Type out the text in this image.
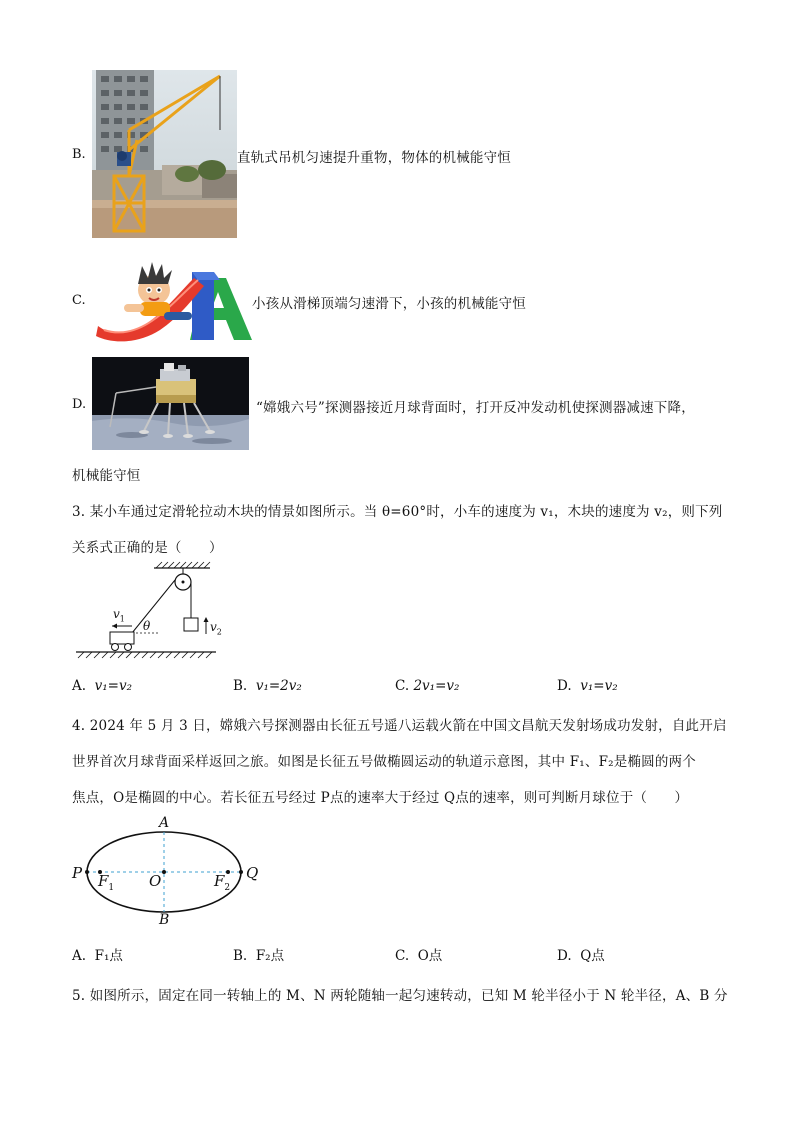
B.	直轨式吊机匀速提升重物，物体的机械能守恒
C.	小孩从滑梯顶端匀速滑下，小孩的机械能守恒
D.	“嫦娥六号”探测器接近月球背面时，打开反冲发动机使探测器减速下降，
机械能守恒
3. 某小车通过定滑轮拉动木块的情景如图所示。当 θ=60°时，小车的速度为 v₁，木块的速度为 v₂，则下列
关系式正确的是（　　）
$v_1$
θ	$v_2$
A. v₁=v₂	B. v₁=2v₂	C. 2v₁=v₂	D. v₁=v₂
4. 2024 年 5 月 3 日，嫦娥六号探测器由长征五号遥八运载火箭在中国文昌航天发射场成功发射，自此开启
世界首次月球背面采样返回之旅。如图是长征五号做椭圆运动的轨道示意图，其中 F₁、F₂是椭圆的两个
焦点，O是椭圆的中心。若长征五号经过 P点的速率大于经过 Q点的速率，则可判断月球位于（　　）
A
B
P	Q
O
$F_1$	$F_2$
A. F₁点	B. F₂点	C. O点	D. Q点
5. 如图所示，固定在同一转轴上的 M、N 两轮随轴一起匀速转动，已知 M 轮半径小于 N 轮半径，A、B 分
